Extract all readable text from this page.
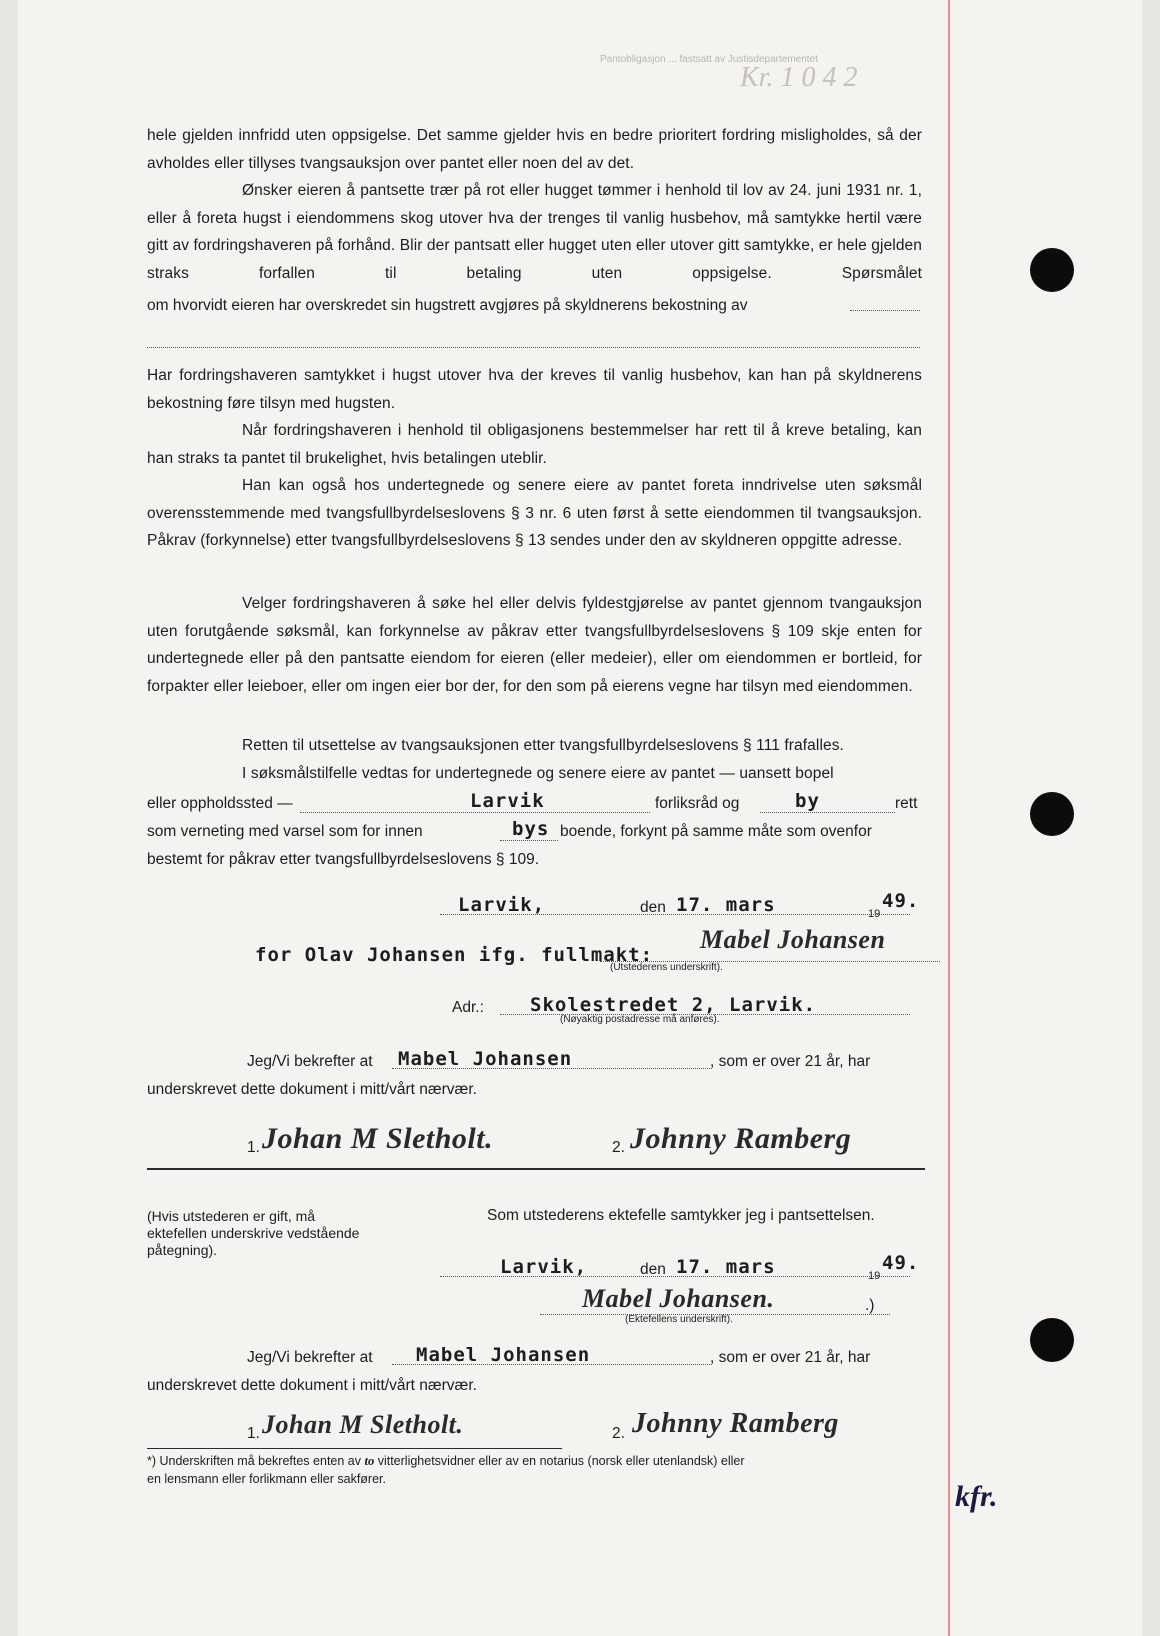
Kr. 1 0 4 2
Pantobligasjon ... fastsatt av Justisdepartementet
hele gjelden innfridd uten oppsigelse. Det samme gjelder hvis en bedre prioritert fordring misligholdes, så der avholdes eller tillyses tvangsauksjon over pantet eller noen del av det.
Ønsker eieren å pantsette trær på rot eller hugget tømmer i henhold til lov av 24. juni 1931 nr. 1, eller å foreta hugst i eiendommens skog utover hva der trenges til vanlig husbehov, må samtykke hertil være gitt av fordringshaveren på forhånd. Blir der pantsatt eller hugget uten eller utover gitt samtykke, er hele gjelden straks forfallen til betaling uten oppsigelse. Spørsmålet
om hvorvidt eieren har overskredet sin hugstrett avgjøres på skyldnerens bekostning av
Har fordringshaveren samtykket i hugst utover hva der kreves til vanlig husbehov, kan han på skyldnerens bekostning føre tilsyn med hugsten.
Når fordringshaveren i henhold til obligasjonens bestemmelser har rett til å kreve betaling, kan han straks ta pantet til brukelighet, hvis betalingen uteblir.
Han kan også hos undertegnede og senere eiere av pantet foreta inndrivelse uten søksmål overensstemmende med tvangsfullbyrdelseslovens § 3 nr. 6 uten først å sette eiendommen til tvangsauksjon. Påkrav (forkynnelse) etter tvangsfullbyrdelseslovens § 13 sendes under den av skyldneren oppgitte adresse.
Velger fordringshaveren å søke hel eller delvis fyldestgjørelse av pantet gjennom tvangauksjon uten forutgående søksmål, kan forkynnelse av påkrav etter tvangsfullbyrdelseslovens § 109 skje enten for undertegnede eller på den pantsatte eiendom for eieren (eller medeier), eller om eiendommen er bortleid, for forpakter eller leieboer, eller om ingen eier bor der, for den som på eierens vegne har tilsyn med eiendommen.
Retten til utsettelse av tvangsauksjonen etter tvangsfullbyrdelseslovens § 111 frafalles.
I søksmålstilfelle vedtas for undertegnede og senere eiere av pantet — uansett bopel
eller oppholdssted —	Larvik	forliksråd og	by	rett
som verneting med varsel som for innen	bys boende, forkynt på samme måte som ovenfor
bestemt for påkrav etter tvangsfullbyrdelseslovens § 109.
Larvik,	den 17. mars	19
49.
for Olav Johansen ifg. fullmakt:
Mabel Johansen
(Utstederens underskrift).
Adr.: Skolestredet 2, Larvik.
(Nøyaktig postadresse må anføres).
Jeg/Vi bekrefter at Mabel Johansen	, som er over 21 år, har
underskrevet dette dokument i mitt/vårt nærvær.
1. Johan M Sletholt.	2. Johnny Ramberg
(Hvis utstederen er gift, må ektefellen underskrive vedstående påtegning).
Som utstederens ektefelle samtykker jeg i pantsettelsen.
Larvik,	den 17. mars	19
49.
Mabel Johansen.	.)
(Ektefellens underskrift).
Jeg/Vi bekrefter at Mabel Johansen	, som er over 21 år, har
underskrevet dette dokument i mitt/vårt nærvær.
1. Johan M Sletholt.	2. Johnny Ramberg
*) Underskriften må bekreftes enten av to vitterlighetsvidner eller av en notarius (norsk eller utenlandsk) eller
en lensmann eller forlikmann eller sakfører.
kfr.
